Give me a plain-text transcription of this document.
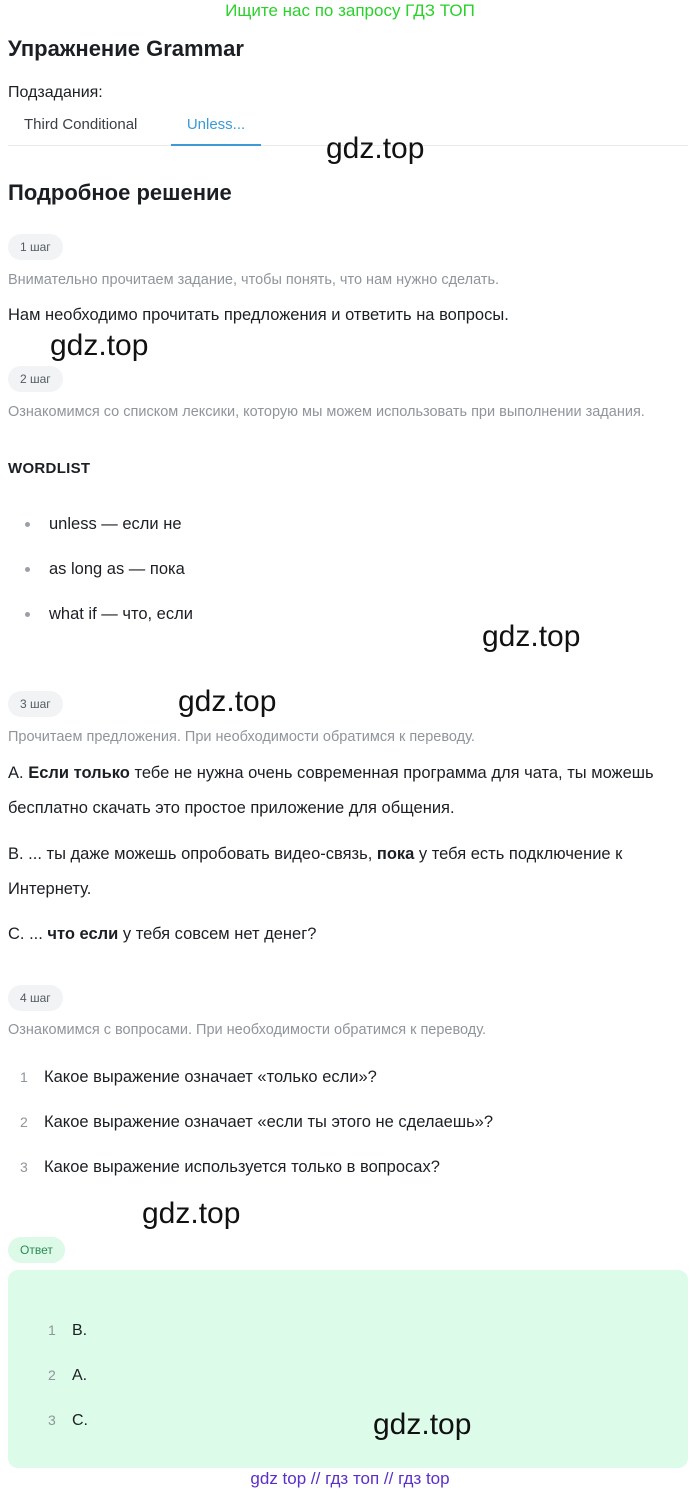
Ищите нас по запросу ГДЗ ТОП
Упражнение Grammar
Подзадания:
Third Conditional	Unless...
Подробное решение
1 шаг
Внимательно прочитаем задание, чтобы понять, что нам нужно сделать.
Нам необходимо прочитать предложения и ответить на вопросы.
2 шаг
Ознакомимся со списком лексики, которую мы можем использовать при выполнении задания.
WORDLIST
unless — если не
as long as — пока
what if — что, если
3 шаг
Прочитаем предложения. При необходимости обратимся к переводу.
A. Если только тебе не нужна очень современная программа для чата, ты можешь бесплатно скачать это простое приложение для общения.
B. ... ты даже можешь опробовать видео-связь, пока у тебя есть подключение к Интернету.
C. ... что если у тебя совсем нет денег?
4 шаг
Ознакомимся с вопросами. При необходимости обратимся к переводу.
1 Какое выражение означает «только если»?
2 Какое выражение означает «если ты этого не сделаешь»?
3 Какое выражение используется только в вопросах?
Ответ
1 B.
2 A.
3 C.
gdz.top
gdz.top
gdz.top
gdz.top
gdz.top
gdz.top
gdz top // гдз топ // гдз top
